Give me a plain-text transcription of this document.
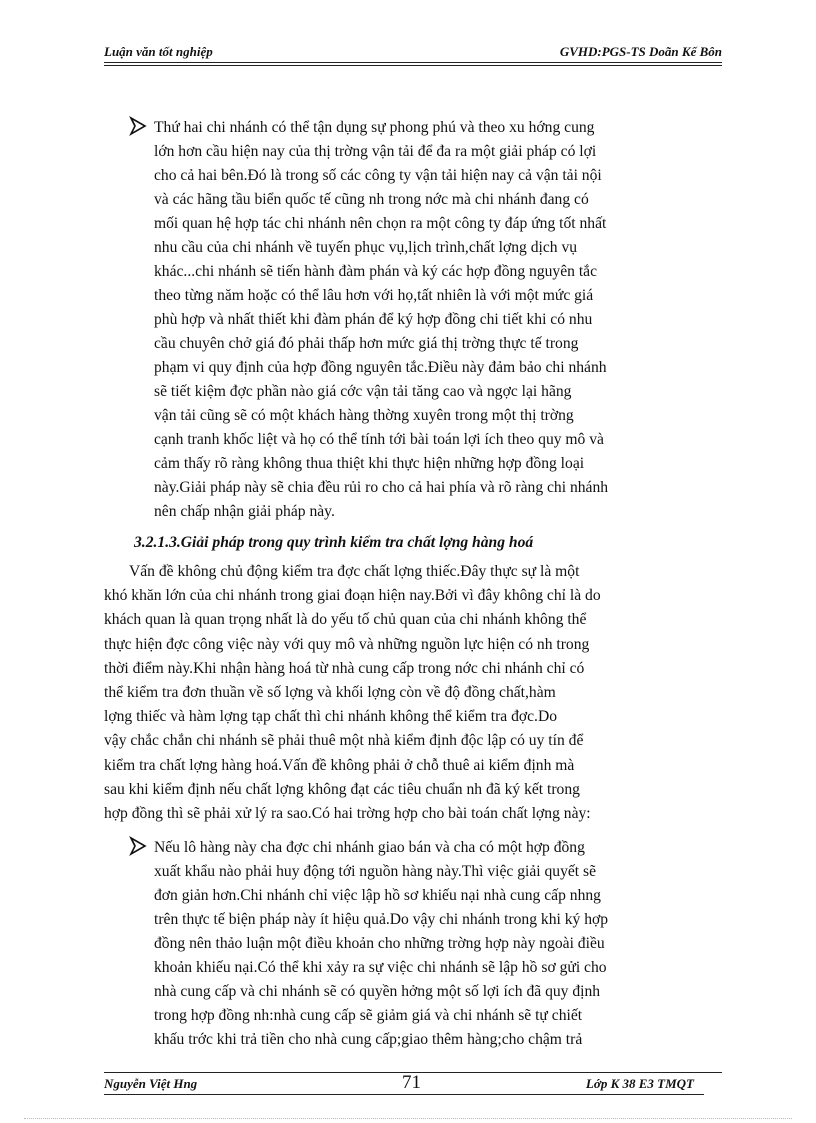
Luận văn tốt nghiệp	GVHD:PGS-TS Doãn Kế Bôn
Thứ hai chi nhánh có thể tận dụng sự phong phú và theo xu hớng cung
lớn hơn cầu hiện nay của thị trờng vận tải để đa ra một giải pháp có lợi
cho cả hai bên.Đó là trong số các công ty vận tải hiện nay cả vận tải nội
và các hãng tầu biển quốc tế cũng nh trong nớc mà chi nhánh đang có
mối quan hệ hợp tác chi nhánh nên chọn ra một công ty đáp ứng tốt nhất
nhu cầu của chi nhánh về tuyến phục vụ,lịch trình,chất lợng dịch vụ
khác...chi nhánh sẽ tiến hành đàm phán và ký các hợp đồng nguyên tắc
theo từng năm hoặc có thể lâu hơn với họ,tất nhiên là với một mức giá
phù hợp và nhất thiết khi đàm phán để ký hợp đồng chi tiết khi có nhu
cầu chuyên chở giá đó phải thấp hơn mức giá thị trờng thực tế trong
phạm vi quy định của hợp đồng nguyên tắc.Điều này đảm bảo chi nhánh
sẽ tiết kiệm đợc phần nào giá cớc vận tải tăng cao và ngợc lại hãng
vận tải cũng sẽ có một khách hàng thờng xuyên trong một thị trờng
cạnh tranh khốc liệt và họ có thể tính tới bài toán lợi ích theo quy mô và
cảm thấy rõ ràng không thua thiệt khi thực hiện những hợp đồng loại
này.Giải pháp này sẽ chia đều rủi ro cho cả hai phía và rõ ràng chi nhánh
nên chấp nhận giải pháp này.
3.2.1.3.Giải pháp trong quy trình kiểm tra chất lợng hàng hoá
Vấn đề không chủ động kiểm tra đợc chất lợng thiếc.Đây thực sự là một
khó khăn lớn của chi nhánh trong giai đoạn hiện nay.Bởi vì đây không chỉ là do
khách quan là quan trọng nhất là do yếu tố chủ quan của chi nhánh không thể
thực hiện đợc công việc này với quy mô và những nguồn lực hiện có nh trong
thời điểm này.Khi nhận hàng hoá từ nhà cung cấp trong nớc chi nhánh chỉ có
thể kiểm tra đơn thuần về số lợng và khối lợng còn về độ đồng chất,hàm
lợng thiếc và hàm lợng tạp chất thì chi nhánh không thể kiểm tra đợc.Do
vậy chắc chắn chi nhánh sẽ phải thuê một nhà kiểm định độc lập có uy tín để
kiểm tra chất lợng hàng hoá.Vấn đề không phải ở chỗ thuê ai kiểm định mà
sau khi kiểm định nếu chất lợng không đạt các tiêu chuẩn nh đã ký kết trong
hợp đồng thì sẽ phải xử lý ra sao.Có hai trờng hợp cho bài toán chất lợng này:
Nếu lô hàng này cha đợc chi nhánh giao bán và cha có một hợp đồng
xuất khẩu nào phải huy động tới nguồn hàng này.Thì việc giải quyết sẽ
đơn giản hơn.Chi nhánh chỉ việc lập hồ sơ khiếu nại nhà cung cấp nhng
trên thực tế biện pháp này ít hiệu quả.Do vậy chi nhánh trong khi ký hợp
đồng nên thảo luận một điều khoản cho những trờng hợp này ngoài điều
khoản khiếu nại.Có thể khi xảy ra sự việc chi nhánh sẽ lập hồ sơ gửi cho
nhà cung cấp và chi nhánh sẽ có quyền hởng một số lợi ích đã quy định
trong hợp đồng nh:nhà cung cấp sẽ giảm giá và chi nhánh sẽ tự chiết
khấu trớc khi trả tiền cho nhà cung cấp;giao thêm hàng;cho chậm trả
Nguyễn Việt Hng	71	Lớp K 38 E3 TMQT
